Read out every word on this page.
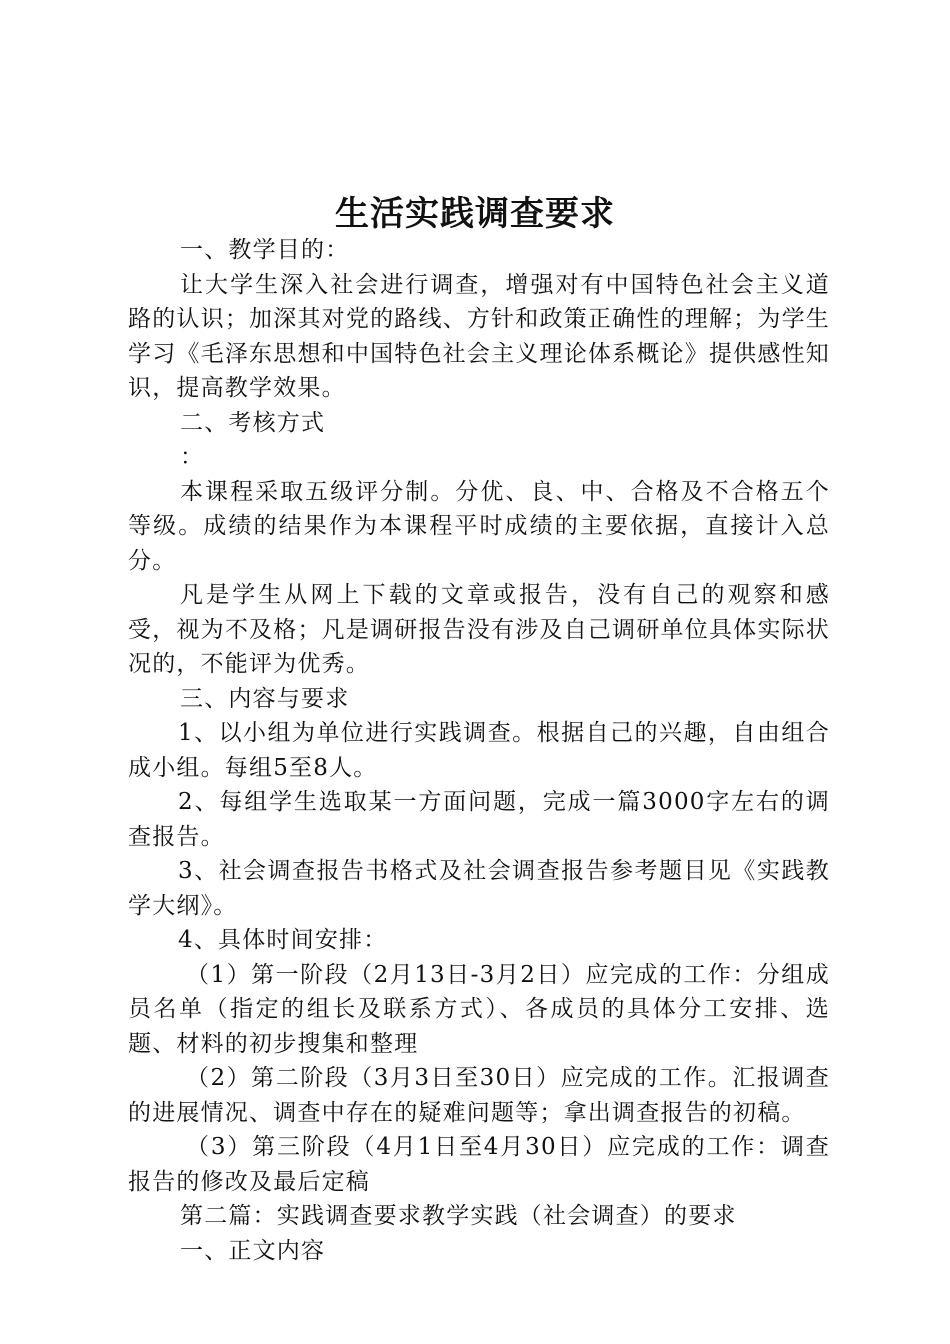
生活实践调查要求

一、教学目的：

让大学生深入社会进行调查，增强对有中国特色社会主义道路的认识；加深其对党的路线、方针和政策正确性的理解；为学生学习《毛泽东思想和中国特色社会主义理论体系概论》提供感性知识，提高教学效果。

二、考核方式

：

本课程采取五级评分制。分优、良、中、合格及不合格五个等级。成绩的结果作为本课程平时成绩的主要依据，直接计入总分。

凡是学生从网上下载的文章或报告，没有自己的观察和感受，视为不及格；凡是调研报告没有涉及自己调研单位具体实际状况的，不能评为优秀。

三、内容与要求

1、以小组为单位进行实践调查。根据自己的兴趣，自由组合成小组。每组5至8人。

2、每组学生选取某一方面问题，完成一篇3000字左右的调查报告。

3、社会调查报告书格式及社会调查报告参考题目见《实践教学大纲》。

4、具体时间安排：

（1）第一阶段（2月13日-3月2日）应完成的工作：分组成员名单（指定的组长及联系方式）、各成员的具体分工安排、选题、材料的初步搜集和整理

（2）第二阶段（3月3日至30日）应完成的工作。汇报调查的进展情况、调查中存在的疑难问题等；拿出调查报告的初稿。

（3）第三阶段（4月1日至4月30日）应完成的工作：调查报告的修改及最后定稿

第二篇：实践调查要求教学实践（社会调查）的要求

一、正文内容
